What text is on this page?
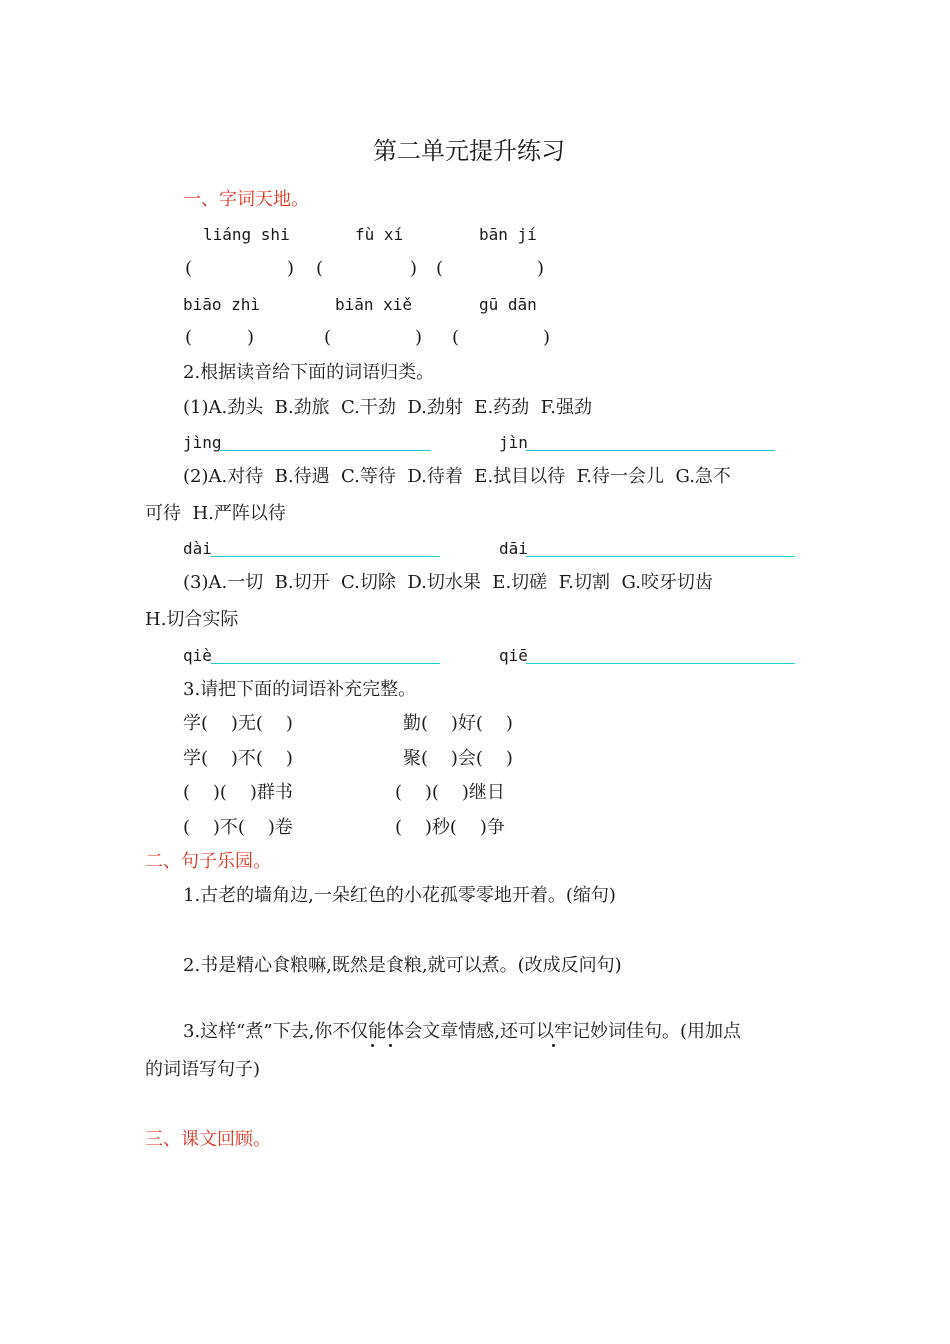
第二单元提升练习
一、字词天地。
liáng shi	fù xí	bān jí
(	) (	) (	)
biāo zhì	biān xiě	gū dān
(	)	(	) (	)
2.根据读音给下面的词语归类。
(1)A.劲头  B.劲旅  C.干劲  D.劲射  E.药劲  F.强劲
jìng	jìn
(2)A.对待  B.待遇  C.等待  D.待着  E.拭目以待  F.待一会儿  G.急不
可待  H.严阵以待
dài	dāi
(3)A.一切  B.切开  C.切除  D.切水果  E.切磋  F.切割  G.咬牙切齿
H.切合实际
qiè	qiē
3.请把下面的词语补充完整。
学(    )无(    )	勤(    )好(    )
学(    )不(    )	聚(    )会(    )
(    )(    )群书	(    )(    )继日
(    )不(    )卷	(    )秒(    )争
二、句子乐园。
1.古老的墙角边,一朵红色的小花孤零零地开着。(缩句)
2.书是精心食粮嘛,既然是食粮,就可以煮。(改成反问句)
3.这样“煮”下去,你不仅能体会文章情感,还可以牢记妙词佳句。(用加点
的词语写句子)
三、课文回顾。
